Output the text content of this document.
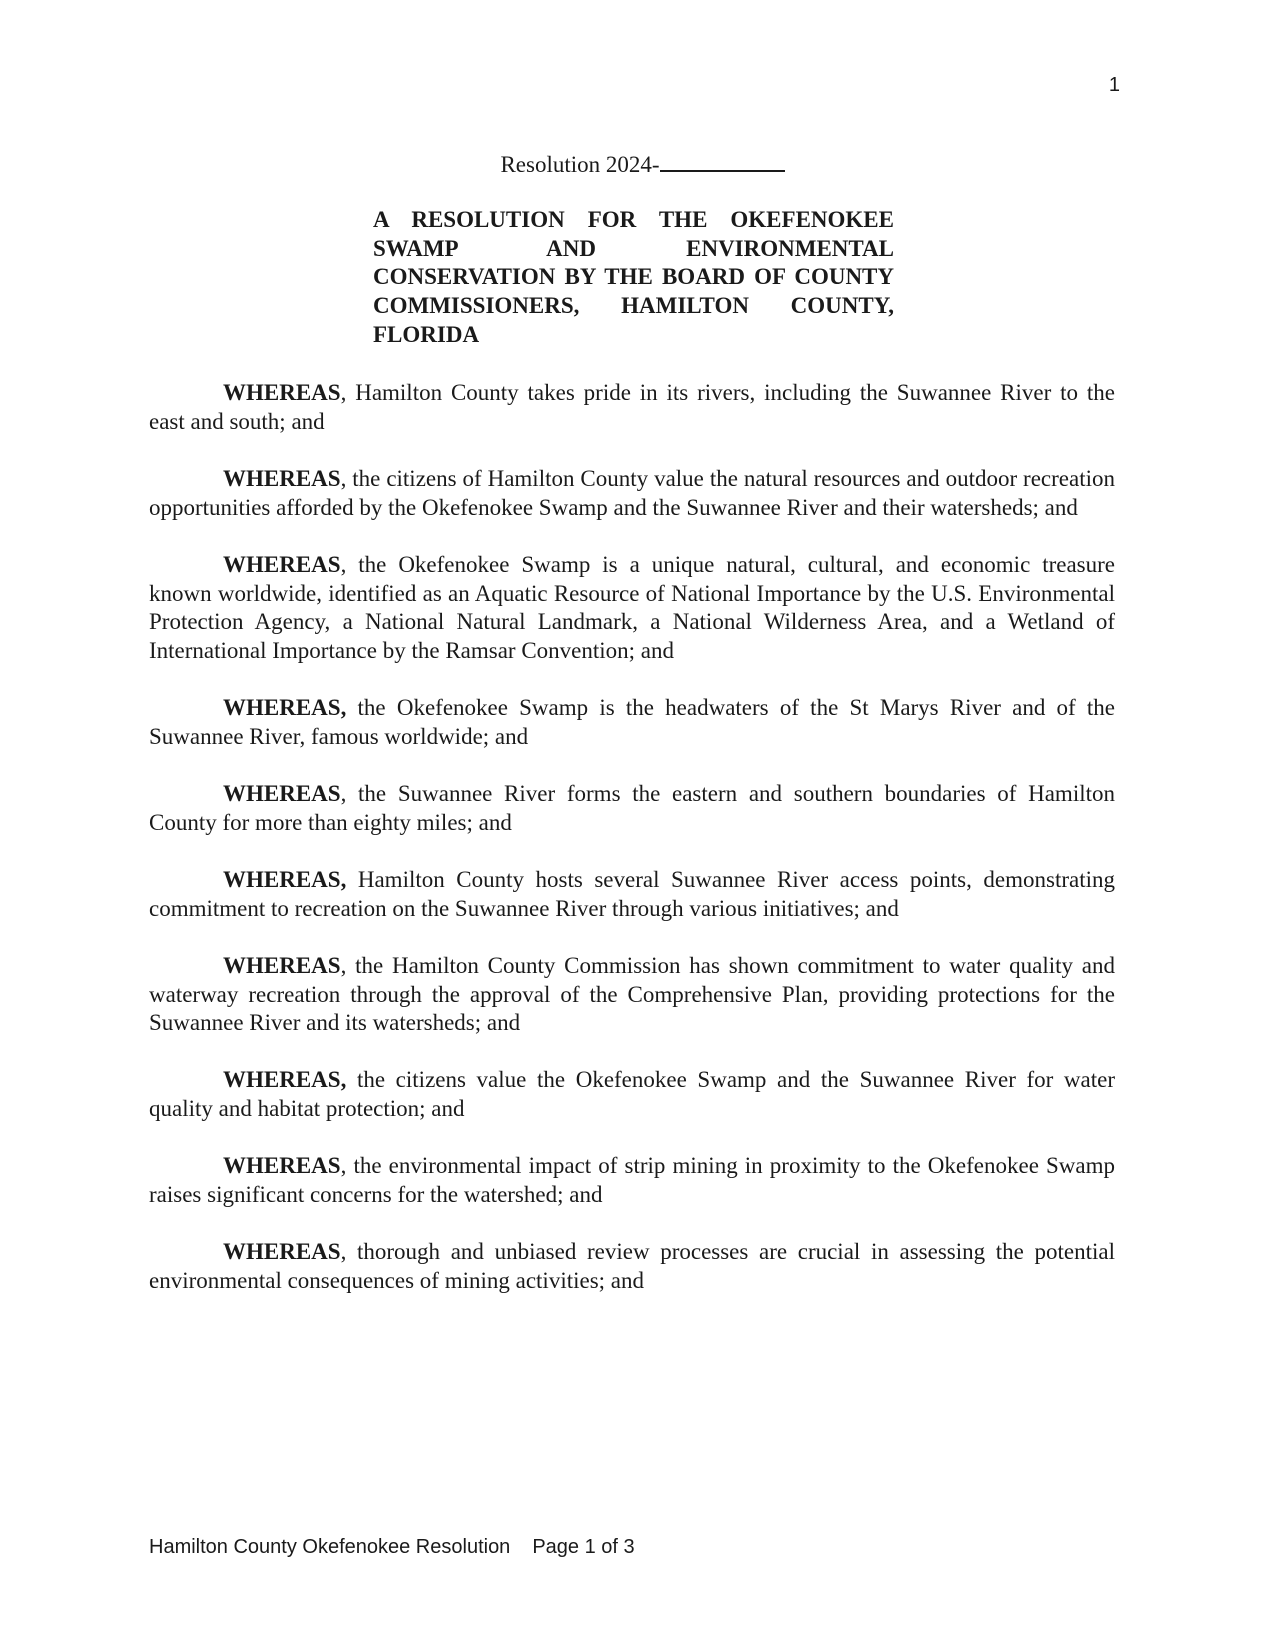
1
Resolution 2024-

A RESOLUTION FOR THE OKEFENOKEE SWAMP AND ENVIRONMENTAL CONSERVATION BY THE BOARD OF COUNTY COMMISSIONERS, HAMILTON COUNTY, FLORIDA

WHEREAS, Hamilton County takes pride in its rivers, including the Suwannee River to the east and south; and

WHEREAS, the citizens of Hamilton County value the natural resources and outdoor recreation opportunities afforded by the Okefenokee Swamp and the Suwannee River and their watersheds; and

WHEREAS, the Okefenokee Swamp is a unique natural, cultural, and economic treasure known worldwide, identified as an Aquatic Resource of National Importance by the U.S. Environmental Protection Agency, a National Natural Landmark, a National Wilderness Area, and a Wetland of International Importance by the Ramsar Convention; and

WHEREAS, the Okefenokee Swamp is the headwaters of the St Marys River and of the Suwannee River, famous worldwide; and

WHEREAS, the Suwannee River forms the eastern and southern boundaries of Hamilton County for more than eighty miles; and

WHEREAS, Hamilton County hosts several Suwannee River access points, demonstrating commitment to recreation on the Suwannee River through various initiatives; and

WHEREAS, the Hamilton County Commission has shown commitment to water quality and waterway recreation through the approval of the Comprehensive Plan, providing protections for the Suwannee River and its watersheds; and

WHEREAS, the citizens value the Okefenokee Swamp and the Suwannee River for water quality and habitat protection; and

WHEREAS, the environmental impact of strip mining in proximity to the Okefenokee Swamp raises significant concerns for the watershed; and

WHEREAS, thorough and unbiased review processes are crucial in assessing the potential environmental consequences of mining activities; and

Hamilton County Okefenokee Resolution Page 1 of 3
